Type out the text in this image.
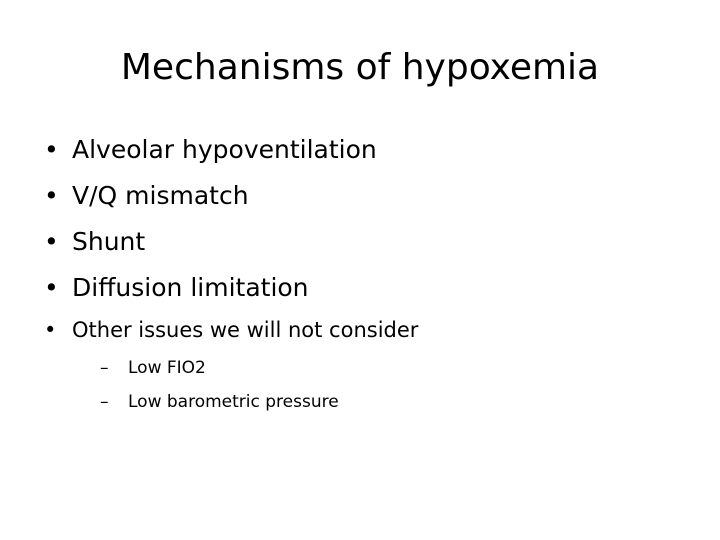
Mechanisms of hypoxemia
• Alveolar hypoventilation
• V/Q mismatch
• Shunt
• Diffusion limitation
• Other issues we will not consider
–	Low FIO2
–	Low barometric pressure
